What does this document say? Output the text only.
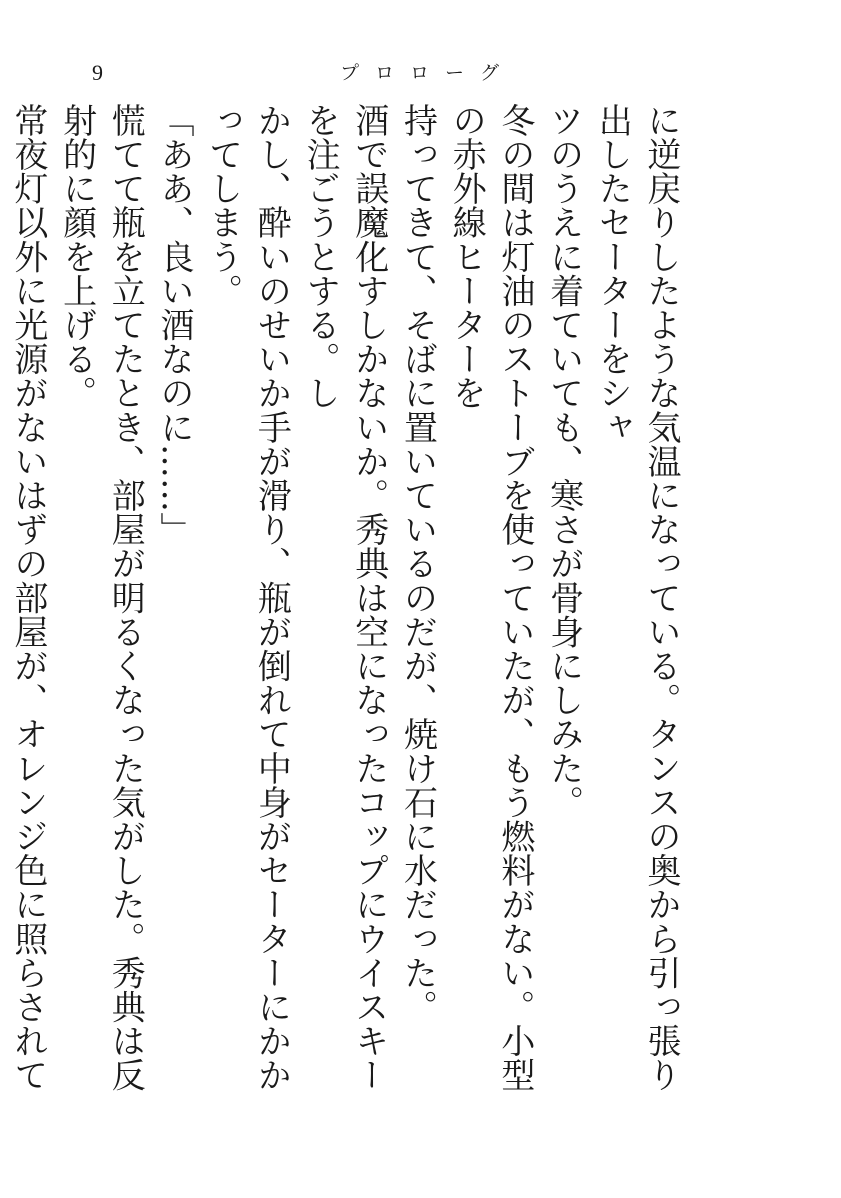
9	プロローグ

に逆戻りしたような気温になっている。タンスの奥から引っ張り出したセーターをシャ

ツのうえに着ていても、寒さが骨身にしみた。

冬の間は灯油のストーブを使っていたが、もう燃料がない。小型の赤外線ヒーターを

持ってきて、そばに置いているのだが、焼け石に水だった。

酒で誤魔化すしかないか。秀典は空になったコップにウイスキーを注ごうとする。し

かし、酔いのせいか手が滑り、瓶が倒れて中身がセーターにかかってしまう。

「ああ、良い酒なのに……」

慌てて瓶を立てたとき、部屋が明るくなった気がした。秀典は反射的に顔を上げる。

常夜灯以外に光源がないはずの部屋が、オレンジ色に照らされて
